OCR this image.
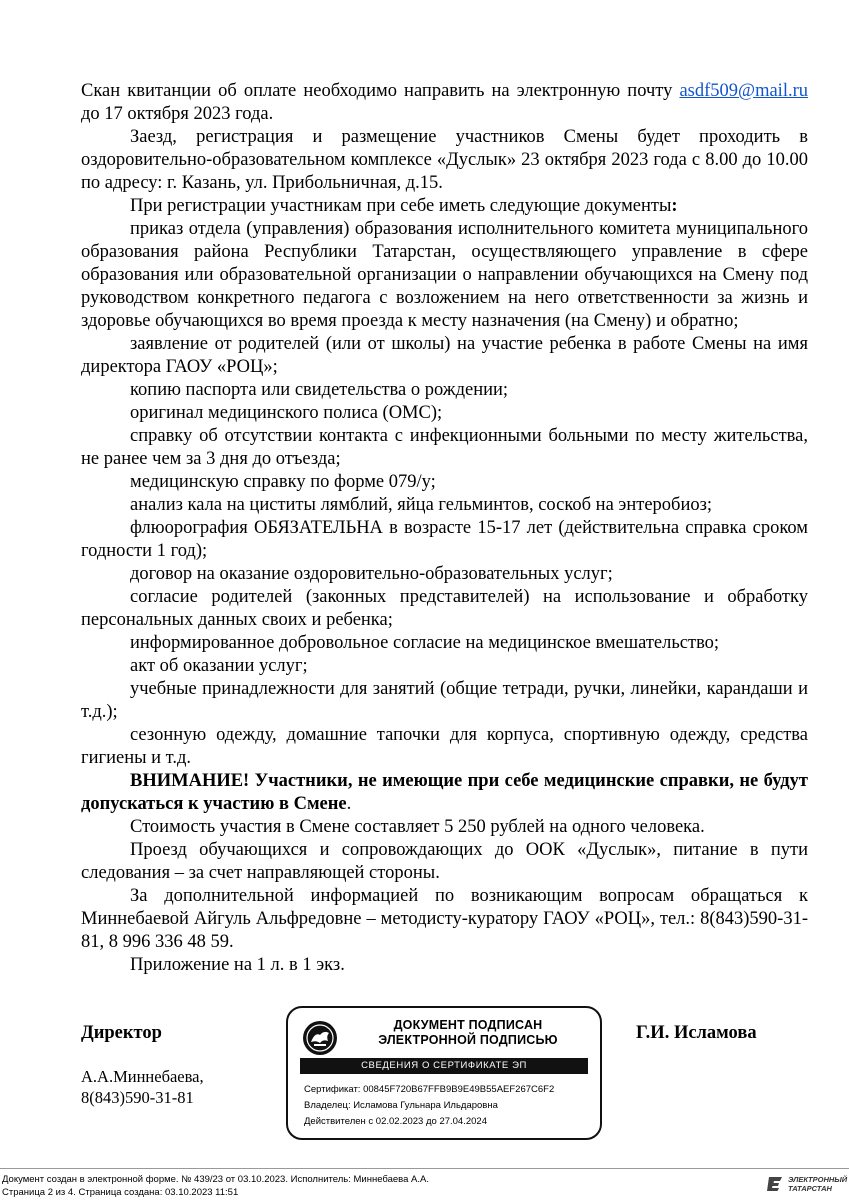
Скан квитанции об оплате необходимо направить на электронную почту asdf509@mail.ru до 17 октября 2023 года.

Заезд, регистрация и размещение участников Смены будет проходить в оздоровительно-образовательном комплексе «Дуслык» 23 октября 2023 года с 8.00 до 10.00 по адресу: г. Казань, ул. Прибольничная, д.15.

При регистрации участникам при себе иметь следующие документы:

приказ отдела (управления) образования исполнительного комитета муниципального образования района Республики Татарстан, осуществляющего управление в сфере образования или образовательной организации о направлении обучающихся на Смену под руководством конкретного педагога с возложением на него ответственности за жизнь и здоровье обучающихся во время проезда к месту назначения (на Смену) и обратно;

заявление от родителей (или от школы) на участие ребенка в работе Смены на имя директора ГАОУ «РОЦ»;

копию паспорта или свидетельства о рождении;

оригинал медицинского полиса (ОМС);

справку об отсутствии контакта с инфекционными больными по месту жительства, не ранее чем за 3 дня до отъезда;

медицинскую справку по форме 079/у;

анализ кала на циститы лямблий, яйца гельминтов, соскоб на энтеробиоз;

флюорография ОБЯЗАТЕЛЬНА в возрасте 15-17 лет (действительна справка сроком годности 1 год);

договор на оказание оздоровительно-образовательных услуг;

согласие родителей (законных представителей) на использование и обработку персональных данных своих и ребенка;

информированное добровольное согласие на медицинское вмешательство;

акт об оказании услуг;

учебные принадлежности для занятий (общие тетради, ручки, линейки, карандаши и т.д.);

сезонную одежду, домашние тапочки для корпуса, спортивную одежду, средства гигиены и т.д.

ВНИМАНИЕ! Участники, не имеющие при себе медицинские справки, не будут допускаться к участию в Смене.

Стоимость участия в Смене составляет 5 250 рублей на одного человека.

Проезд обучающихся и сопровождающих до ООК «Дуслык», питание в пути следования – за счет направляющей стороны.

За дополнительной информацией по возникающим вопросам обращаться к Миннебаевой Айгуль Альфредовне – методисту-куратору ГАОУ «РОЦ», тел.: 8(843)590-31-81, 8 996 336 48 59.

Приложение на 1 л. в 1 экз.

Директор	Г.И. Исламова
А.А.Миннебаева,
8(843)590-31-81
ДОКУМЕНТ ПОДПИСАН
ЭЛЕКТРОННОЙ ПОДПИСЬЮ
СВЕДЕНИЯ О СЕРТИФИКАТЕ ЭП
Сертификат: 00845F720B67FFB9B9E49B55AEF267C6F2
Владелец: Исламова Гульнара Ильдаровна
Действителен с 02.02.2023 до 27.04.2024
Документ создан в электронной форме. № 439/23 от 03.10.2023. Исполнитель: Миннебаева А.А.
Страница 2 из 4. Страница создана: 03.10.2023 11:51
ЭЛЕКТРОННЫЙ ТАТАРСТАН
